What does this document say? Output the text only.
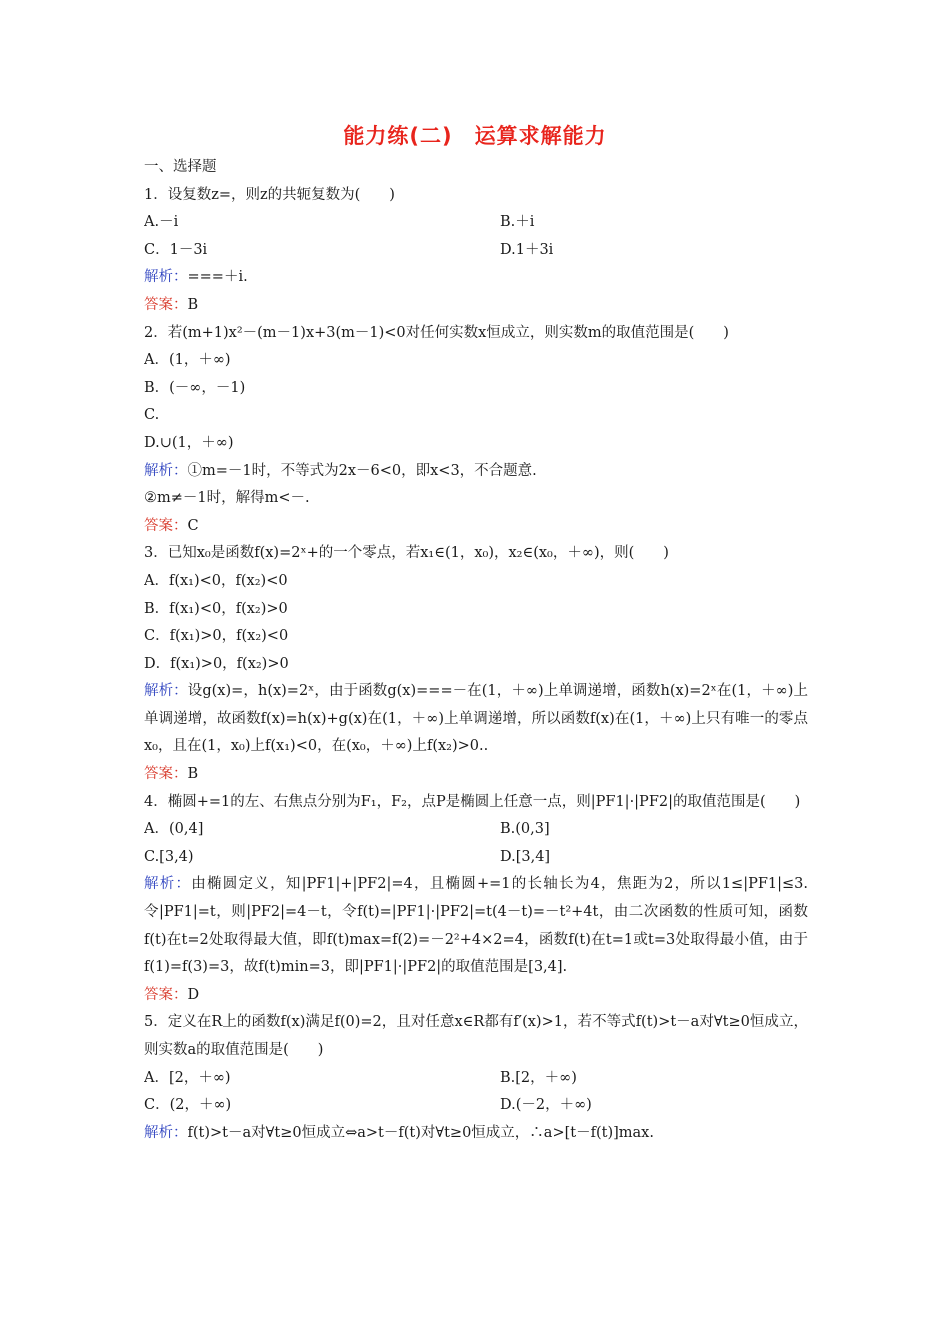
能力练(二)　运算求解能力
一、选择题
1．设复数z=，则z的共轭复数为(　　)
A.－i	B.＋i
C．1－3i	D.1＋3i
解析：===＋i.
答案：B
2．若(m+1)x²－(m－1)x+3(m－1)<0对任何实数x恒成立，则实数m的取值范围是(　　)
A．(1，＋∞)
B．(－∞，－1)
C.
D.∪(1，＋∞)
解析：①m=－1时，不等式为2x－6<0，即x<3，不合题意.
②m≠－1时，解得m<－.
答案：C
3．已知x₀是函数f(x)=2ˣ+的一个零点，若x₁∈(1，x₀)，x₂∈(x₀，＋∞)，则(　　)
A．f(x₁)<0，f(x₂)<0
B．f(x₁)<0，f(x₂)>0
C．f(x₁)>0，f(x₂)<0
D．f(x₁)>0，f(x₂)>0
解析：设g(x)=，h(x)=2ˣ，由于函数g(x)===－在(1，＋∞)上单调递增，函数h(x)=2ˣ在(1，＋∞)上单调递增，故函数f(x)=h(x)+g(x)在(1，＋∞)上单调递增，所以函数f(x)在(1，＋∞)上只有唯一的零点x₀，且在(1，x₀)上f(x₁)<0，在(x₀，＋∞)上f(x₂)>0..
答案：B
4．椭圆+=1的左、右焦点分别为F₁，F₂，点P是椭圆上任意一点，则|PF1|·|PF2|的取值范围是(　　)
A．(0,4]	B.(0,3]
C.[3,4)	D.[3,4]
解析：由椭圆定义，知|PF1|+|PF2|=4，且椭圆+=1的长轴长为4，焦距为2，所以1≤|PF1|≤3.令|PF1|=t，则|PF2|=4－t，令f(t)=|PF1|·|PF2|=t(4－t)=－t²+4t，由二次函数的性质可知，函数f(t)在t=2处取得最大值，即f(t)max=f(2)=－2²+4×2=4，函数f(t)在t=1或t=3处取得最小值，由于f(1)=f(3)=3，故f(t)min=3，即|PF1|·|PF2|的取值范围是[3,4].
答案：D
5．定义在R上的函数f(x)满足f(0)=2，且对任意x∈R都有f′(x)>1，若不等式f(t)>t－a对∀t≥0恒成立，则实数a的取值范围是(　　)
A．[2，＋∞)	B.[2，＋∞)
C．(2，＋∞)	D.(－2，＋∞)
解析：f(t)>t－a对∀t≥0恒成立⇔a>t－f(t)对∀t≥0恒成立，∴a>[t－f(t)]max.
